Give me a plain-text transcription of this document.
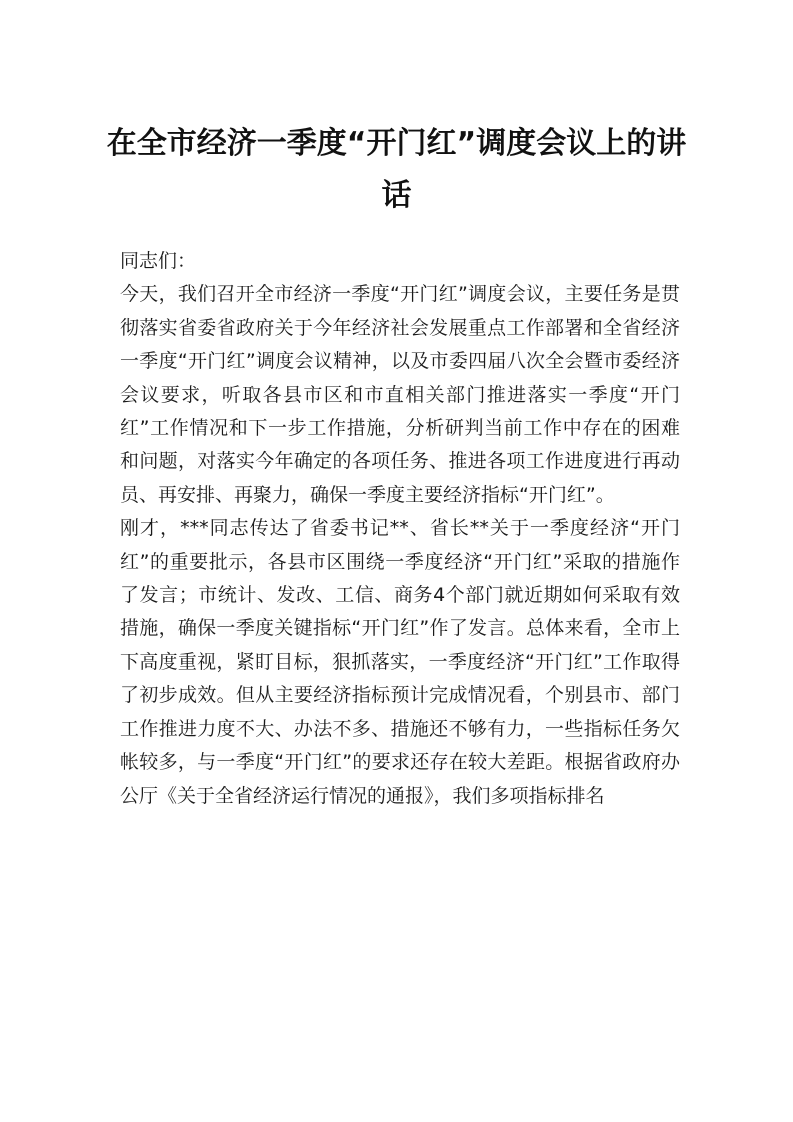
在全市经济一季度“开门红”调度会议上的讲话

同志们：

今天，我们召开全市经济一季度“开门红”调度会议，主要任务是贯彻落实省委省政府关于今年经济社会发展重点工作部署和全省经济一季度“开门红”调度会议精神，以及市委四届八次全会暨市委经济会议要求，听取各县市区和市直相关部门推进落实一季度“开门红”工作情况和下一步工作措施，分析研判当前工作中存在的困难和问题，对落实今年确定的各项任务、推进各项工作进度进行再动员、再安排、再聚力，确保一季度主要经济指标“开门红”。

刚才，***同志传达了省委书记**、省长**关于一季度经济“开门红”的重要批示，各县市区围绕一季度经济“开门红”采取的措施作了发言；市统计、发改、工信、商务4个部门就近期如何采取有效措施，确保一季度关键指标“开门红”作了发言。总体来看，全市上下高度重视，紧盯目标，狠抓落实，一季度经济“开门红”工作取得了初步成效。但从主要经济指标预计完成情况看，个别县市、部门工作推进力度不大、办法不多、措施还不够有力，一些指标任务欠帐较多，与一季度“开门红”的要求还存在较大差距。根据省政府办公厅《关于全省经济运行情况的通报》，我们多项指标排名
